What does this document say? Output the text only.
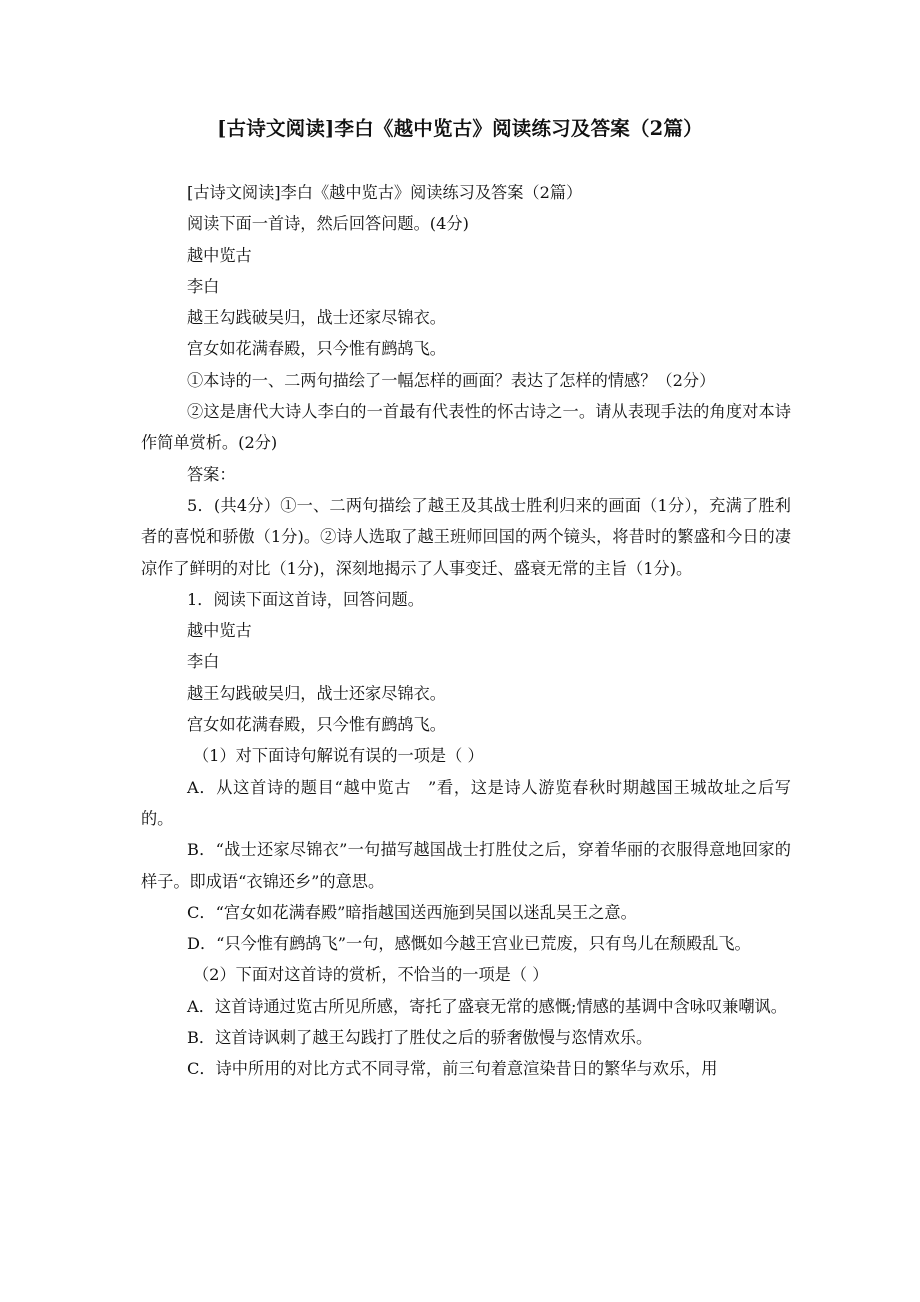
[古诗文阅读]李白《越中览古》阅读练习及答案（2篇）

[古诗文阅读]李白《越中览古》阅读练习及答案（2篇）

阅读下面一首诗，然后回答问题。(4分)

越中览古

李白

越王勾践破吴归，战士还家尽锦衣。

宫女如花满春殿，只今惟有鹧鸪飞。

①本诗的一、二两句描绘了一幅怎样的画面？表达了怎样的情感？（2分）

②这是唐代大诗人李白的一首最有代表性的怀古诗之一。请从表现手法的角度对本诗作简单赏析。(2分)

答案：

5．(共4分）①一、二两句描绘了越王及其战士胜利归来的画面（1分），充满了胜利者的喜悦和骄傲（1分)。②诗人选取了越王班师回国的两个镜头，将昔时的繁盛和今日的凄凉作了鲜明的对比（1分)，深刻地揭示了人事变迁、盛衰无常的主旨（1分)。

1．阅读下面这首诗，回答问题。

越中览古

李白

越王勾践破吴归，战士还家尽锦衣。

宫女如花满春殿，只今惟有鹧鸪飞。

（1）对下面诗句解说有误的一项是（ ）

A．从这首诗的题目“越中览古　”看，这是诗人游览春秋时期越国王城故址之后写的。

B．“战士还家尽锦衣”一句描写越国战士打胜仗之后，穿着华丽的衣服得意地回家的样子。即成语“衣锦还乡”的意思。

C．“宫女如花满春殿”暗指越国送西施到吴国以迷乱吴王之意。

D．“只今惟有鹧鸪飞”一句，感慨如今越王宫业已荒废，只有鸟儿在颓殿乱飞。

（2）下面对这首诗的赏析，不恰当的一项是（ ）

A．这首诗通过览古所见所感，寄托了盛衰无常的感慨;情感的基调中含咏叹兼嘲讽。

B．这首诗讽刺了越王勾践打了胜仗之后的骄奢傲慢与恣情欢乐。

C．诗中所用的对比方式不同寻常，前三句着意渲染昔日的繁华与欢乐，用
